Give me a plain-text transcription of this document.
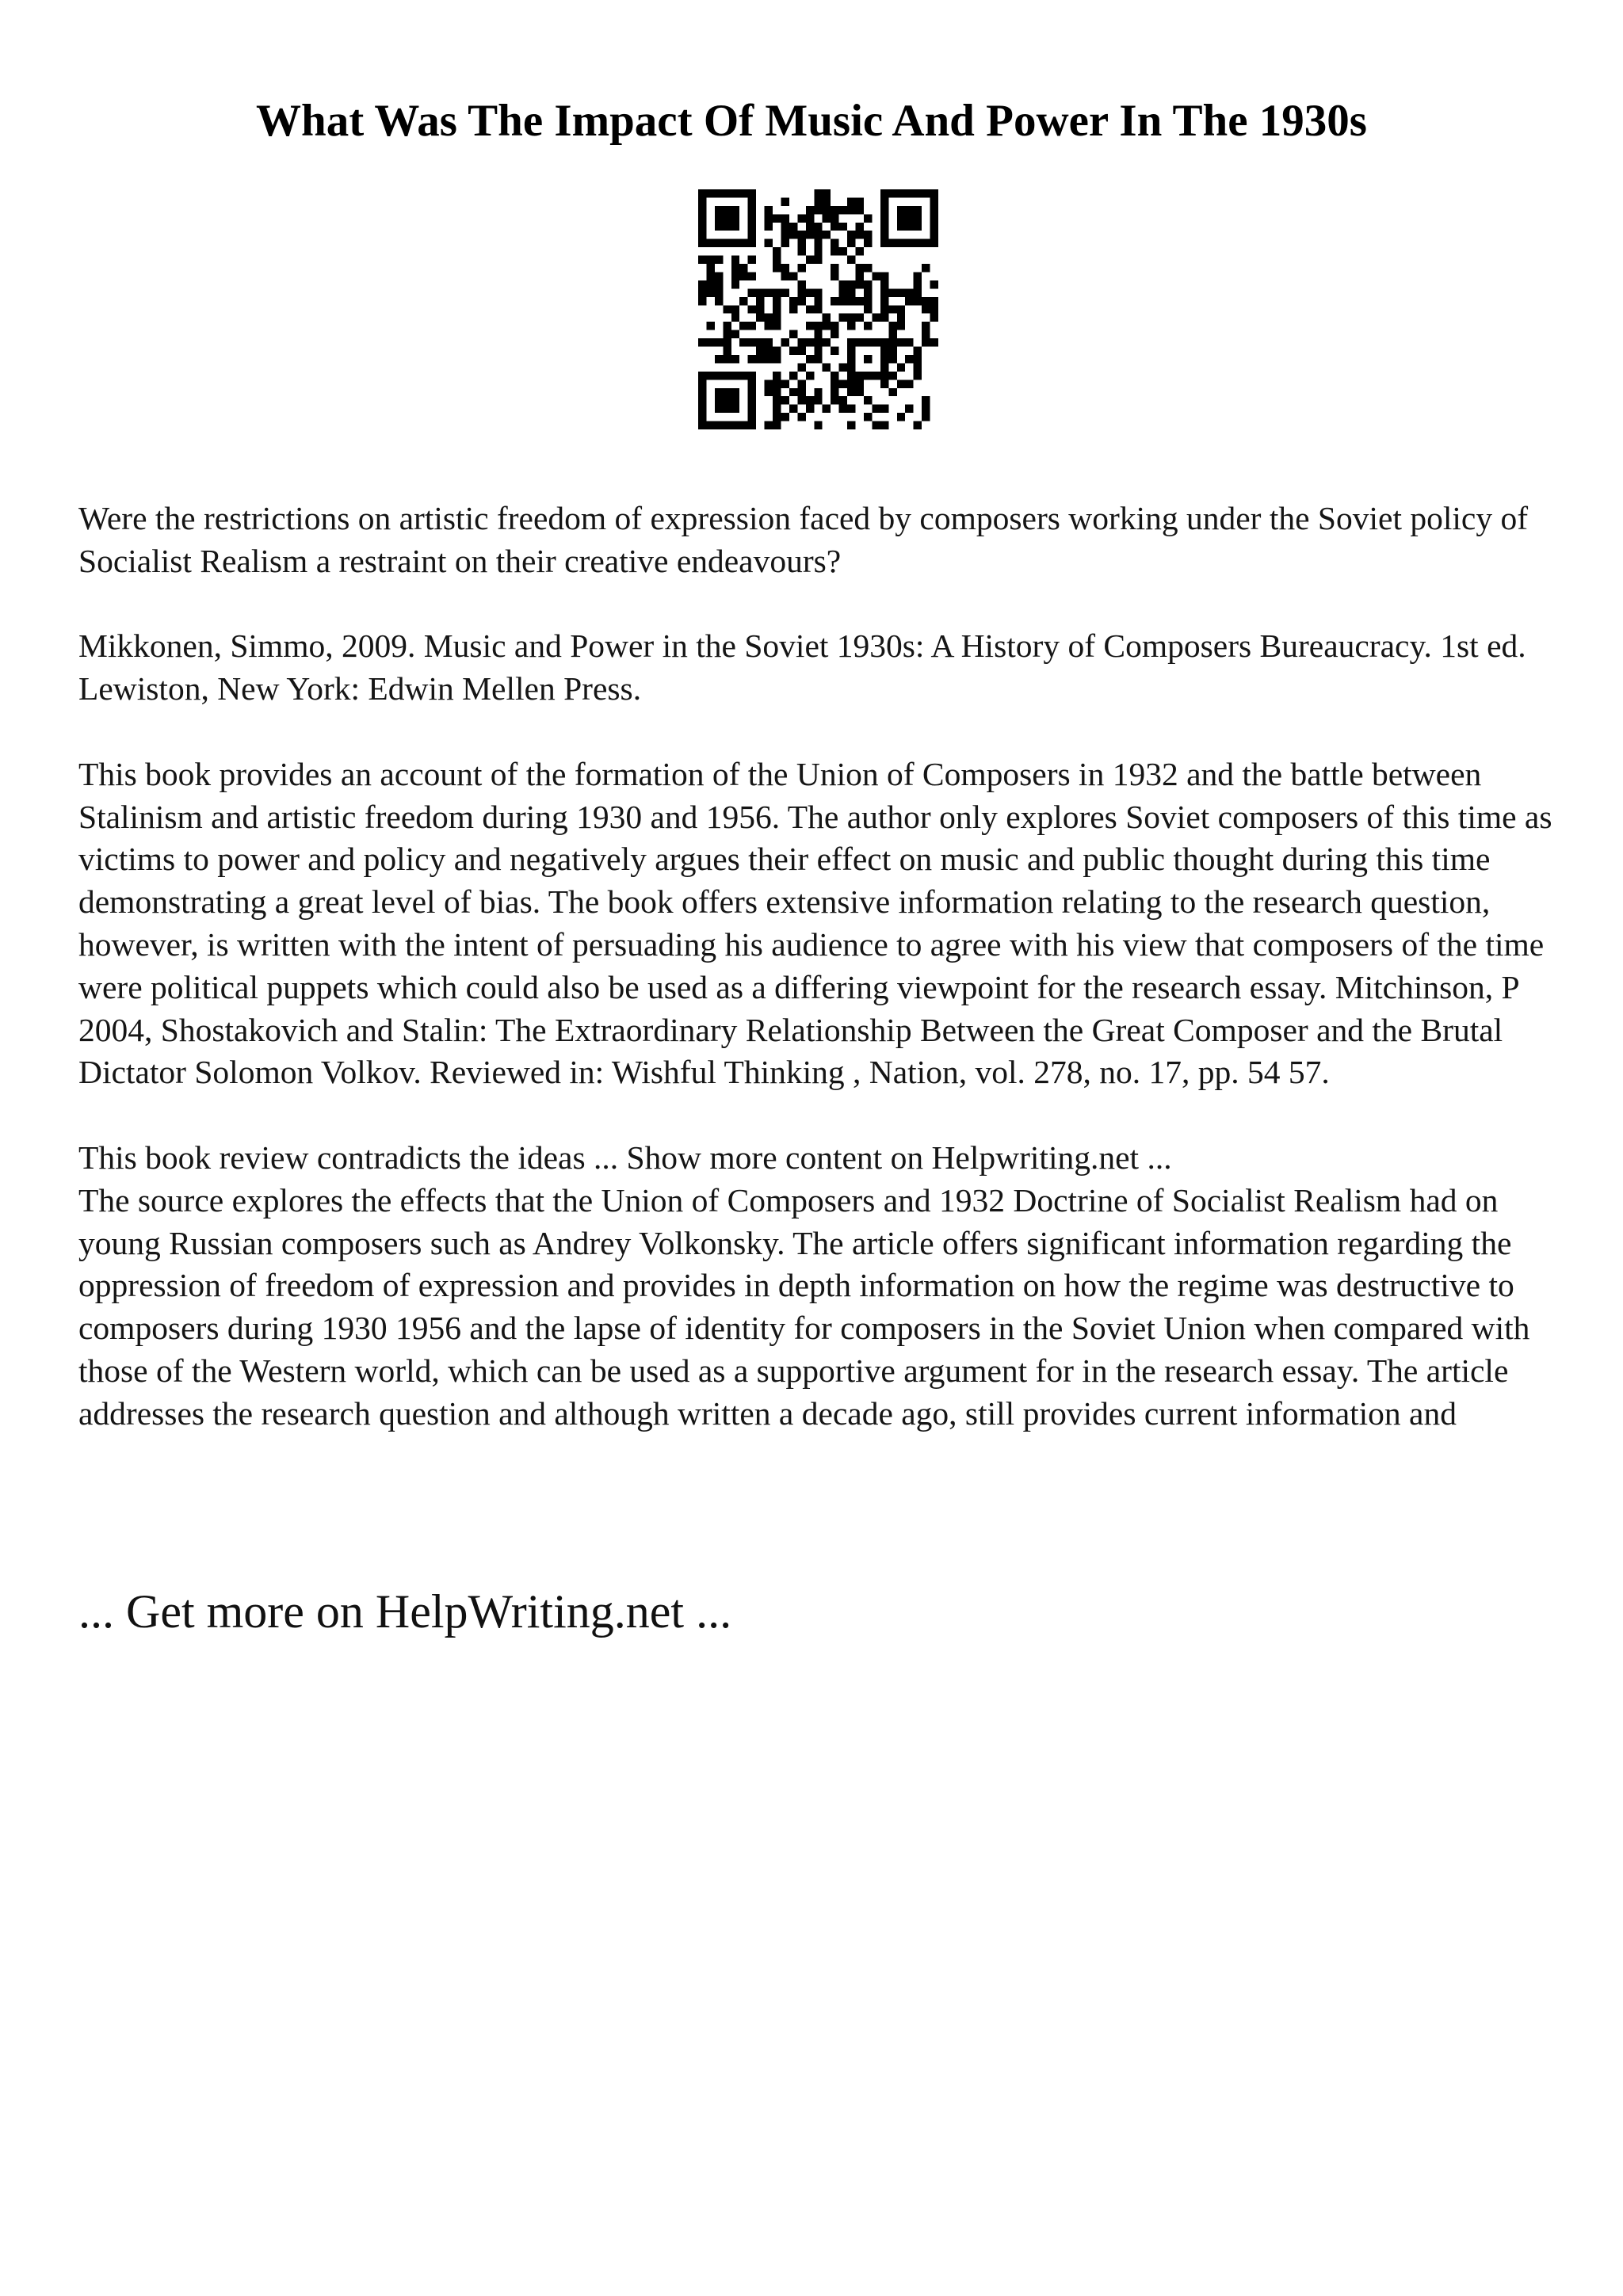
What Was The Impact Of Music And Power In The 1930s

Were the restrictions on artistic freedom of expression faced by composers working under the Soviet policy of Socialist Realism a restraint on their creative endeavours?

Mikkonen, Simmo, 2009. Music and Power in the Soviet 1930s: A History of Composers Bureaucracy. 1st ed. Lewiston, New York: Edwin Mellen Press.

This book provides an account of the formation of the Union of Composers in 1932 and the battle between Stalinism and artistic freedom during 1930 and 1956. The author only explores Soviet composers of this time as victims to power and policy and negatively argues their effect on music and public thought during this time demonstrating a great level of bias. The book offers extensive information relating to the research question, however, is written with the intent of persuading his audience to agree with his view that composers of the time were political puppets which could also be used as a differing viewpoint for the research essay. Mitchinson, P 2004, Shostakovich and Stalin: The Extraordinary Relationship Between the Great Composer and the Brutal Dictator Solomon Volkov. Reviewed in: Wishful Thinking , Nation, vol. 278, no. 17, pp. 54 57.

This book review contradicts the ideas ... Show more content on Helpwriting.net ...

The source explores the effects that the Union of Composers and 1932 Doctrine of Socialist Realism had on young Russian composers such as Andrey Volkonsky. The article offers significant information regarding the oppression of freedom of expression and provides in depth information on how the regime was destructive to composers during 1930 1956 and the lapse of identity for composers in the Soviet Union when compared with those of the Western world, which can be used as a supportive argument for in the research essay. The article addresses the research question and although written a decade ago, still provides current information and

... Get more on HelpWriting.net ...
